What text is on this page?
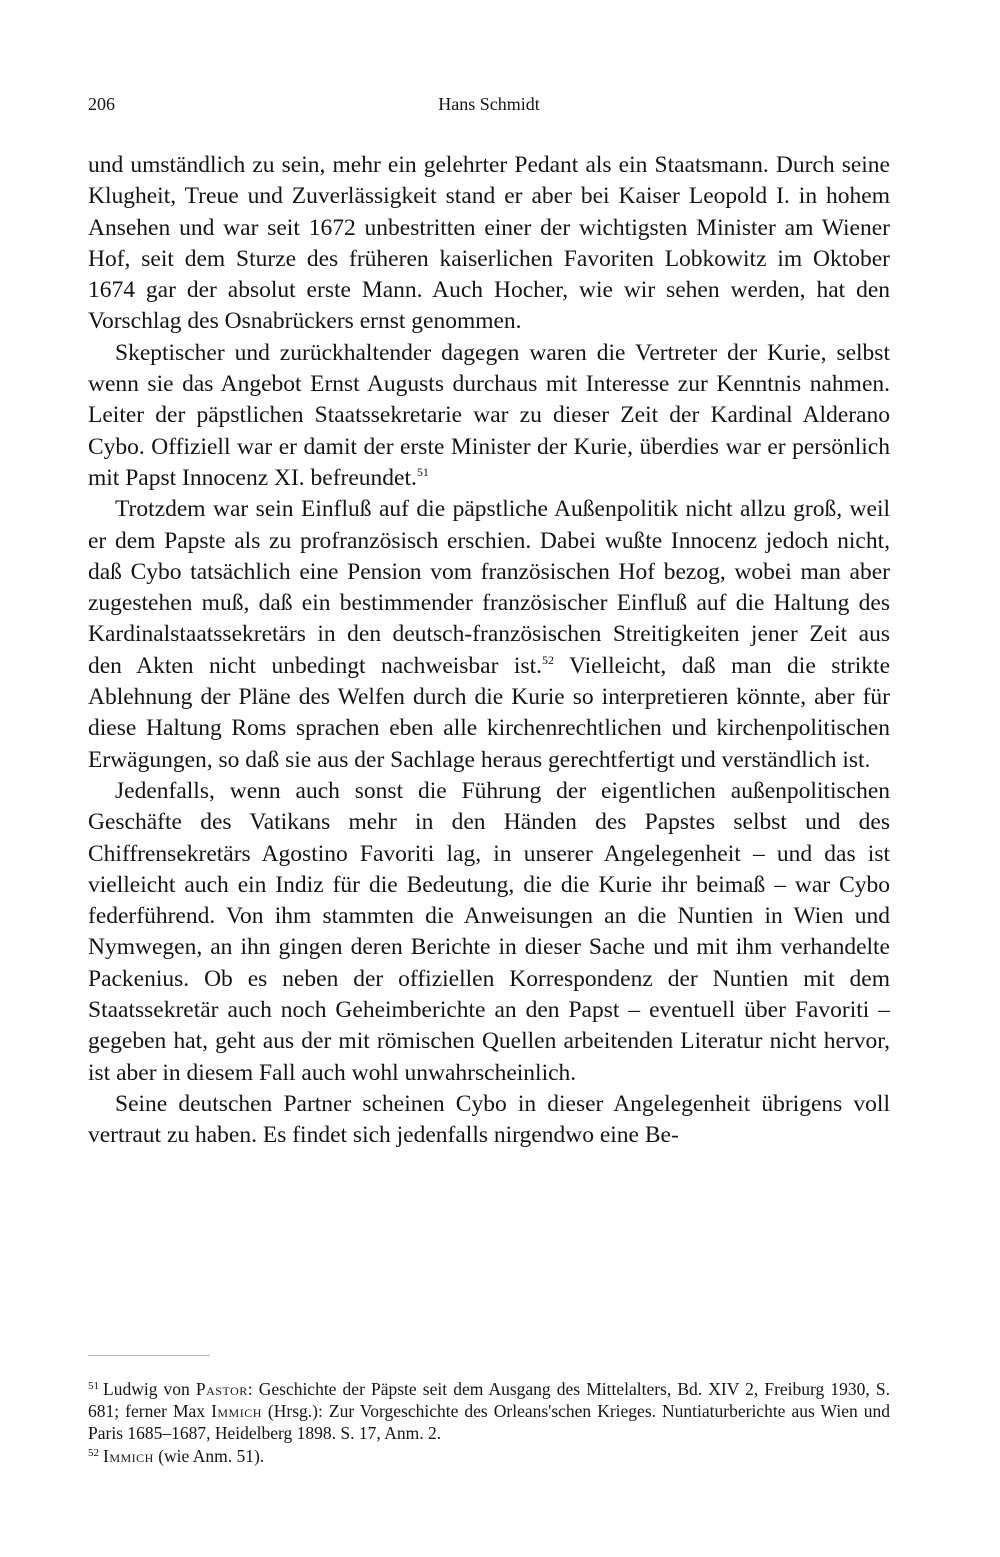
206	Hans Schmidt

und umständlich zu sein, mehr ein gelehrter Pedant als ein Staatsmann. Durch seine Klugheit, Treue und Zuverlässigkeit stand er aber bei Kaiser Leopold I. in hohem Ansehen und war seit 1672 unbestritten einer der wichtigsten Minister am Wiener Hof, seit dem Sturze des früheren kaiserlichen Favoriten Lobkowitz im Oktober 1674 gar der absolut erste Mann. Auch Hocher, wie wir sehen werden, hat den Vorschlag des Osnabrückers ernst genommen.

Skeptischer und zurückhaltender dagegen waren die Vertreter der Kurie, selbst wenn sie das Angebot Ernst Augusts durchaus mit Interesse zur Kenntnis nahmen. Leiter der päpstlichen Staatssekretarie war zu dieser Zeit der Kardinal Alderano Cybo. Offiziell war er damit der erste Minister der Kurie, überdies war er persönlich mit Papst Innocenz XI. befreundet.$^{51}$

Trotzdem war sein Einfluß auf die päpstliche Außenpolitik nicht allzu groß, weil er dem Papste als zu profranzösisch erschien. Dabei wußte Innocenz jedoch nicht, daß Cybo tatsächlich eine Pension vom französischen Hof bezog, wobei man aber zugestehen muß, daß ein bestimmender französischer Einfluß auf die Haltung des Kardinalstaatssekretärs in den deutsch-französischen Streitigkeiten jener Zeit aus den Akten nicht unbedingt nachweisbar ist.$^{52}$ Vielleicht, daß man die strikte Ablehnung der Pläne des Welfen durch die Kurie so interpretieren könnte, aber für diese Haltung Roms sprachen eben alle kirchenrechtlichen und kirchenpolitischen Erwägungen, so daß sie aus der Sachlage heraus gerechtfertigt und verständlich ist.

Jedenfalls, wenn auch sonst die Führung der eigentlichen außenpolitischen Geschäfte des Vatikans mehr in den Händen des Papstes selbst und des Chiffrensekretärs Agostino Favoriti lag, in unserer Angelegenheit – und das ist vielleicht auch ein Indiz für die Bedeutung, die die Kurie ihr beimaß – war Cybo federführend. Von ihm stammten die Anweisungen an die Nuntien in Wien und Nymwegen, an ihn gingen deren Berichte in dieser Sache und mit ihm verhandelte Packenius. Ob es neben der offiziellen Korrespondenz der Nuntien mit dem Staatssekretär auch noch Geheimberichte an den Papst – eventuell über Favoriti – gegeben hat, geht aus der mit römischen Quellen arbeitenden Literatur nicht hervor, ist aber in diesem Fall auch wohl unwahrscheinlich.

Seine deutschen Partner scheinen Cybo in dieser Angelegenheit übrigens voll vertraut zu haben. Es findet sich jedenfalls nirgendwo eine Be-

$^{51}$ Ludwig von Pastor: Geschichte der Päpste seit dem Ausgang des Mittelalters, Bd. XIV 2, Freiburg 1930, S. 681; ferner Max Immich (Hrsg.): Zur Vorgeschichte des Orleans'schen Krieges. Nuntiaturberichte aus Wien und Paris 1685–1687, Heidelberg 1898. S. 17, Anm. 2.

$^{52}$ Immich (wie Anm. 51).
